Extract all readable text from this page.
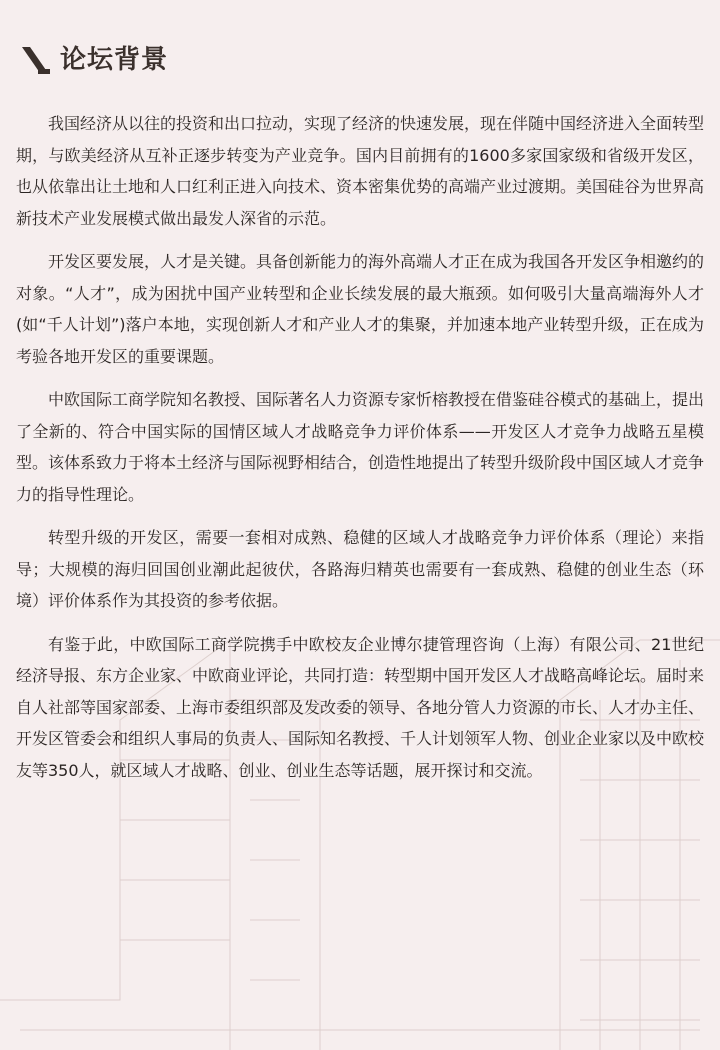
论坛背景

我国经济从以往的投资和出口拉动，实现了经济的快速发展，现在伴随中国经济进入全面转型期，与欧美经济从互补正逐步转变为产业竞争。国内目前拥有的1600多家国家级和省级开发区，也从依靠出让土地和人口红利正进入向技术、资本密集优势的高端产业过渡期。美国硅谷为世界高新技术产业发展模式做出最发人深省的示范。

开发区要发展，人才是关键。具备创新能力的海外高端人才正在成为我国各开发区争相邀约的对象。“人才”，成为困扰中国产业转型和企业长续发展的最大瓶颈。如何吸引大量高端海外人才(如“千人计划”)落户本地，实现创新人才和产业人才的集聚，并加速本地产业转型升级，正在成为考验各地开发区的重要课题。

中欧国际工商学院知名教授、国际著名人力资源专家忻榕教授在借鉴硅谷模式的基础上，提出了全新的、符合中国实际的国情区域人才战略竞争力评价体系——开发区人才竞争力战略五星模型。该体系致力于将本土经济与国际视野相结合，创造性地提出了转型升级阶段中国区域人才竞争力的指导性理论。

转型升级的开发区，需要一套相对成熟、稳健的区域人才战略竞争力评价体系（理论）来指导；大规模的海归回国创业潮此起彼伏，各路海归精英也需要有一套成熟、稳健的创业生态（环境）评价体系作为其投资的参考依据。

有鉴于此，中欧国际工商学院携手中欧校友企业博尔捷管理咨询（上海）有限公司、21世纪经济导报、东方企业家、中欧商业评论，共同打造：转型期中国开发区人才战略高峰论坛。届时来自人社部等国家部委、上海市委组织部及发改委的领导、各地分管人力资源的市长、人才办主任、开发区管委会和组织人事局的负责人、国际知名教授、千人计划领军人物、创业企业家以及中欧校友等350人，就区域人才战略、创业、创业生态等话题，展开探讨和交流。
